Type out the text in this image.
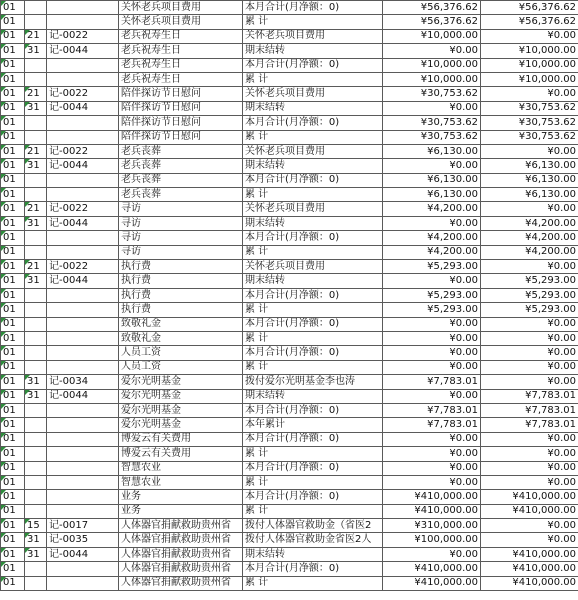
01			关怀老兵项目费用	本月合计(月净额：0)	¥56,376.62	¥56,376.62

01			关怀老兵项目费用	累 计	¥56,376.62	¥56,376.62

01	21	记-0022	老兵祝寿生日	关怀老兵项目费用	¥10,000.00	¥0.00

01	31	记-0044	老兵祝寿生日	期末结转	¥0.00	¥10,000.00

01			老兵祝寿生日	本月合计(月净额：0)	¥10,000.00	¥10,000.00

01			老兵祝寿生日	累 计	¥10,000.00	¥10,000.00

01	21	记-0022	陪伴探访节日慰问	关怀老兵项目费用	¥30,753.62	¥0.00

01	31	记-0044	陪伴探访节日慰问	期末结转	¥0.00	¥30,753.62

01			陪伴探访节日慰问	本月合计(月净额：0)	¥30,753.62	¥30,753.62

01			陪伴探访节日慰问	累 计	¥30,753.62	¥30,753.62

01	21	记-0022	老兵丧葬	关怀老兵项目费用	¥6,130.00	¥0.00

01	31	记-0044	老兵丧葬	期末结转	¥0.00	¥6,130.00

01			老兵丧葬	本月合计(月净额：0)	¥6,130.00	¥6,130.00

01			老兵丧葬	累 计	¥6,130.00	¥6,130.00

01	21	记-0022	寻访	关怀老兵项目费用	¥4,200.00	¥0.00

01	31	记-0044	寻访	期末结转	¥0.00	¥4,200.00

01			寻访	本月合计(月净额：0)	¥4,200.00	¥4,200.00

01			寻访	累 计	¥4,200.00	¥4,200.00

01	21	记-0022	执行费	关怀老兵项目费用	¥5,293.00	¥0.00

01	31	记-0044	执行费	期末结转	¥0.00	¥5,293.00

01			执行费	本月合计(月净额：0)	¥5,293.00	¥5,293.00

01			执行费	累 计	¥5,293.00	¥5,293.00

01			致敬礼金	本月合计(月净额：0)	¥0.00	¥0.00

01			致敬礼金	累 计	¥0.00	¥0.00

01			人员工资	本月合计(月净额：0)	¥0.00	¥0.00

01			人员工资	累 计	¥0.00	¥0.00

01	31	记-0034	爱尔光明基金	拨付爱尔光明基金李也涛	¥7,783.01	¥0.00

01	31	记-0044	爱尔光明基金	期末结转	¥0.00	¥7,783.01

01			爱尔光明基金	本月合计(月净额：0)	¥7,783.01	¥7,783.01

01			爱尔光明基金	本年累计	¥7,783.01	¥7,783.01

01			博爱云有关费用	本月合计(月净额：0)	¥0.00	¥0.00

01			博爱云有关费用	累 计	¥0.00	¥0.00

01			智慧农业	本月合计(月净额：0)	¥0.00	¥0.00

01			智慧农业	累 计	¥0.00	¥0.00

01			业务	本月合计(月净额：0)	¥410,000.00	¥410,000.00

01			业务	累 计	¥410,000.00	¥410,000.00

01	15	记-0017	人体器官捐献救助贵州省	拨付人体器官救助金（省医2	¥310,000.00	¥0.00

01	31	记-0035	人体器官捐献救助贵州省	拨付人体器官救助金省医2人	¥100,000.00	¥0.00

01	31	记-0044	人体器官捐献救助贵州省	期末结转	¥0.00	¥410,000.00

01			人体器官捐献救助贵州省	本月合计(月净额：0)	¥410,000.00	¥410,000.00

01			人体器官捐献救助贵州省	累 计	¥410,000.00	¥410,000.00
